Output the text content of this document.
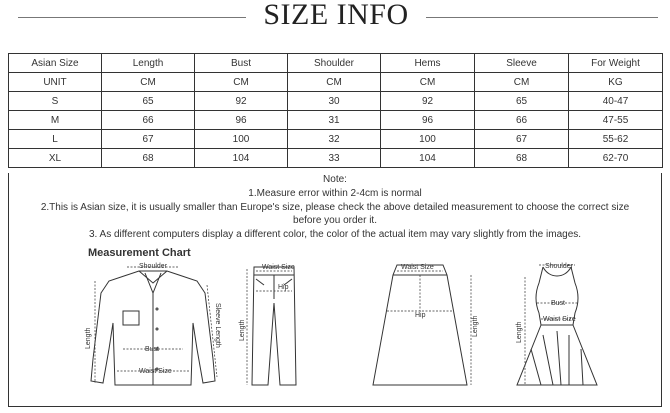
SIZE INFO
Asian Size	Length	Bust	Shoulder	Hems	Sleeve	For Weight
UNIT	CM	CM	CM	CM	CM	KG
S	65	92	30	92	65	40-47
M	66	96	31	96	66	47-55
L	67	100	32	100	67	55-62
XL	68	104	33	104	68	62-70
Note:
1.Measure error within 2-4cm is normal
2.This is Asian size, it is usually smaller than Europe's size, please check the above detailed measurement to choose the correct size
before you order it.
3. As different computers display a different color, the color of the actual item may vary slightly from the images.
Measurement Chart
Shoulder
Bust
Waist Size
Length	Sleeve Length
Waist Size
Hip
Length
Waist Size
Hip
Length
Shoulder
Bust
Waist Size
Length
